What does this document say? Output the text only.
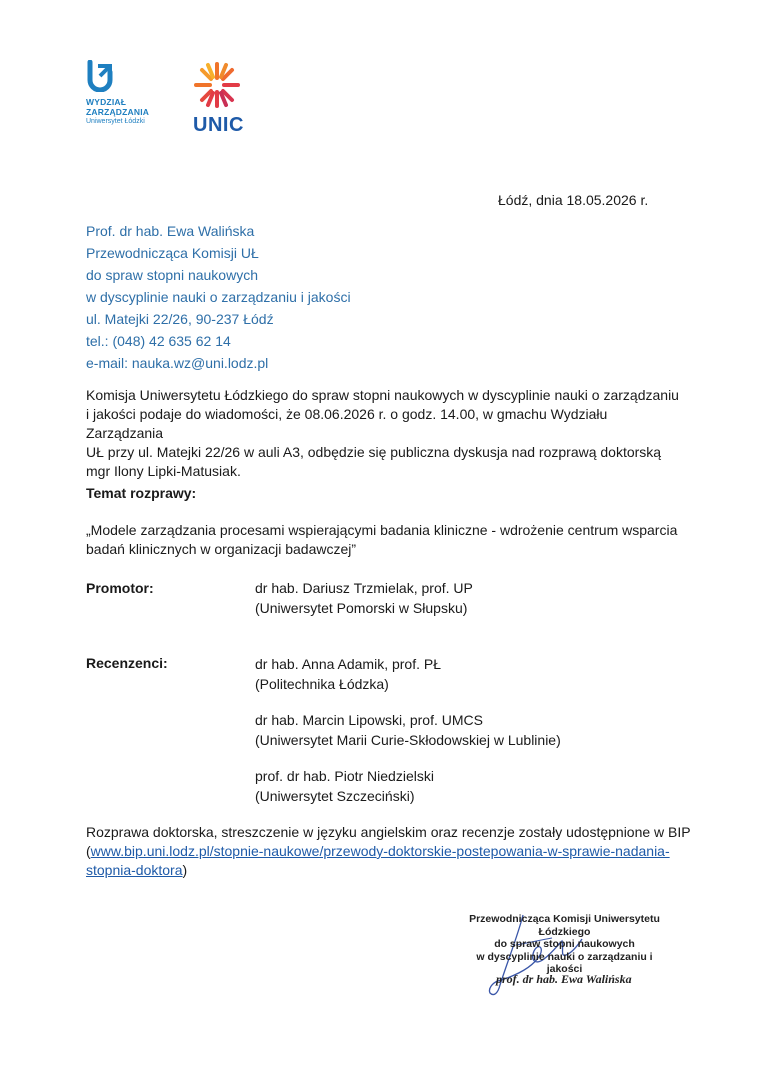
WYDZIAŁ
ZARZĄDZANIA
Uniwersytet Łódzki UNIC
Łódź, dnia 18.05.2026 r.
Prof. dr hab. Ewa Walińska
Przewodnicząca Komisji UŁ
do spraw stopni naukowych
w dyscyplinie nauki o zarządzaniu i jakości
ul. Matejki 22/26, 90-237 Łódź
tel.: (048) 42 635 62 14
e-mail: nauka.wz@uni.lodz.pl
Komisja Uniwersytetu Łódzkiego do spraw stopni naukowych w dyscyplinie nauki o zarządzaniu
i jakości podaje do wiadomości, że 08.06.2026 r. o godz. 14.00, w gmachu Wydziału Zarządzania
UŁ przy ul. Matejki 22/26 w auli A3, odbędzie się publiczna dyskusja nad rozprawą doktorską
mgr Ilony Lipki-Matusiak.
Temat rozprawy:
„Modele zarządzania procesami wspierającymi badania kliniczne - wdrożenie centrum wsparcia
badań klinicznych w organizacji badawczej”
Promotor:	dr hab. Dariusz Trzmielak, prof. UP
(Uniwersytet Pomorski w Słupsku)
Recenzenci:	dr hab. Anna Adamik, prof. PŁ
(Politechnika Łódzka)
dr hab. Marcin Lipowski, prof. UMCS
(Uniwersytet Marii Curie-Skłodowskiej w Lublinie)
prof. dr hab. Piotr Niedzielski
(Uniwersytet Szczeciński)
Rozprawa doktorska, streszczenie w języku angielskim oraz recenzje zostały udostępnione w BIP
(www.bip.uni.lodz.pl/stopnie-naukowe/przewody-doktorskie-postepowania-w-sprawie-nadania-
stopnia-doktora)
Przewodnicząca Komisji Uniwersytetu Łódzkiego
do spraw stopni naukowych
w dyscyplinie nauki o zarządzaniu i jakości
prof. dr hab. Ewa Walińska
